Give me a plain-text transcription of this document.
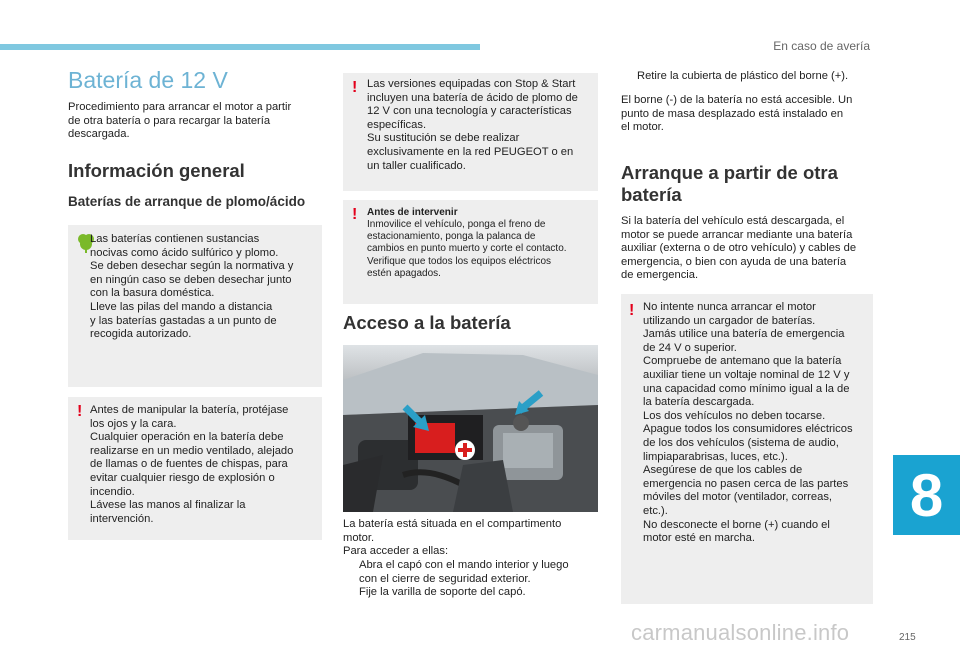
En caso de avería
8
215
Batería de 12 V

Procedimiento para arrancar el motor a partir
de otra batería o para recargar la batería
descargada.

Información general
Baterías de arranque de plomo/ácido

Las baterías contienen sustancias
nocivas como ácido sulfúrico y plomo.
Se deben desechar según la normativa y
en ningún caso se deben desechar junto
con la basura doméstica.
Lleve las pilas del mando a distancia
y las baterías gastadas a un punto de
recogida autorizado.

! Antes de manipular la batería, protéjase
los ojos y la cara.
Cualquier operación en la batería debe
realizarse en un medio ventilado, alejado
de llamas o de fuentes de chispas, para
evitar cualquier riesgo de explosión o
incendio.
Lávese las manos al finalizar la
intervención.

! Las versiones equipadas con Stop & Start
incluyen una batería de ácido de plomo de
12 V con una tecnología y características
específicas.
Su sustitución se debe realizar
exclusivamente en la red PEUGEOT o en
un taller cualificado.

! Antes de intervenir

Inmovilice el vehículo, ponga el freno de
estacionamiento, ponga la palanca de
cambios en punto muerto y corte el contacto.
Verifique que todos los equipos eléctricos
estén apagados.

Acceso a la batería

La batería está situada en el compartimento
motor.
Para acceder a ellas:

Abra el capó con el mando interior y luego
con el cierre de seguridad exterior.

Fije la varilla de soporte del capó.

Retire la cubierta de plástico del borne (+).

El borne (-) de la batería no está accesible. Un
punto de masa desplazado está instalado en
el motor.

Arranque a partir de otra
batería

Si la batería del vehículo está descargada, el
motor se puede arrancar mediante una batería
auxiliar (externa o de otro vehículo) y cables de
emergencia, o bien con ayuda de una batería
de emergencia.

! No intente nunca arrancar el motor
utilizando un cargador de baterías.
Jamás utilice una batería de emergencia
de 24 V o superior.
Compruebe de antemano que la batería
auxiliar tiene un voltaje nominal de 12 V y
una capacidad como mínimo igual a la de
la batería descargada.
Los dos vehículos no deben tocarse.
Apague todos los consumidores eléctricos
de los dos vehículos (sistema de audio,
limpiaparabrisas, luces, etc.).
Asegúrese de que los cables de
emergencia no pasen cerca de las partes
móviles del motor (ventilador, correas,
etc.).
No desconecte el borne (+) cuando el
motor esté en marcha.

carmanualsonline.info
